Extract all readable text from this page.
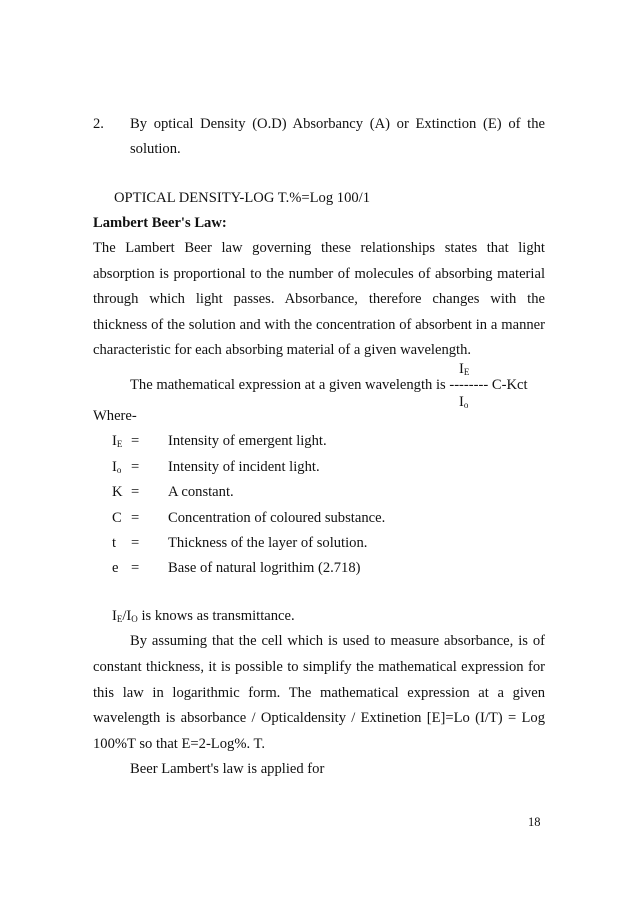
2. By optical Density (O.D) Absorbancy (A) or Extinction (E) of the
solution.
OPTICAL DENSITY-LOG T.%=Log 100/1
Lambert Beer's Law:
The Lambert Beer law governing these relationships states that light
absorption is proportional to the number of molecules of absorbing material
through which light passes. Absorbance, therefore changes with the
thickness of the solution and with the concentration of absorbent in a manner
characteristic for each absorbing material of a given wavelength.
$I_E$
The mathematical expression at a given wavelength is -------- C-Kct
$I_o$
Where-
$I_E$ = Intensity of emergent light.
$I_o$ = Intensity of incident light.
K = A constant.
C = Concentration of coloured substance.
t = Thickness of the layer of solution.
e = Base of natural logrithim (2.718)
$I_E/I_O$ is knows as transmittance.
By assuming that the cell which is used to measure absorbance, is of
constant thickness, it is possible to simplify the mathematical expression for
this law in logarithmic form. The mathematical expression at a given
wavelength is absorbance / Opticaldensity / Extinetion [E]=Lo (I/T) = Log
100%T so that E=2-Log%. T.
Beer Lambert's law is applied for
18
